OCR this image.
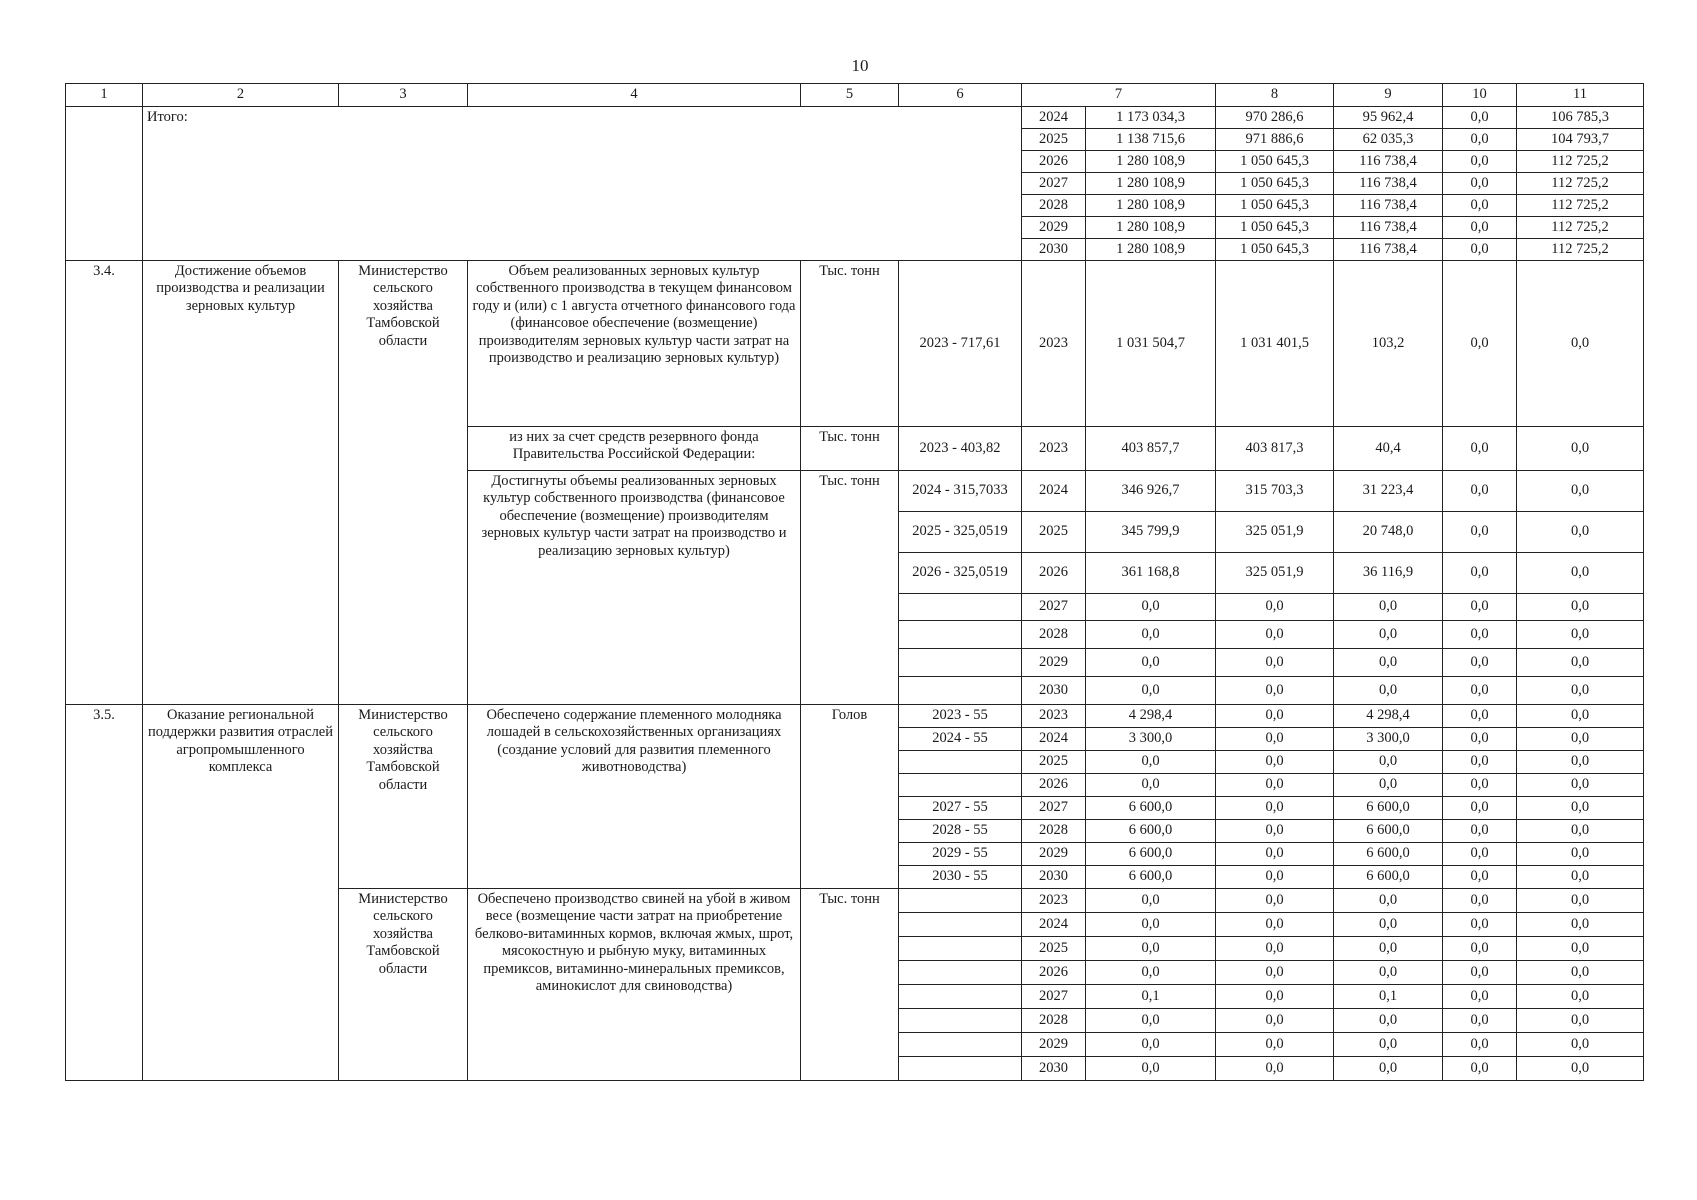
10
1	2	3	4	5	6	7		8	9	10	11
	Итого:					2024	1 173 034,3	970 286,6	95 962,4	0,0	106 785,3
						2025	1 138 715,6	971 886,6	62 035,3	0,0	104 793,7
						2026	1 280 108,9	1 050 645,3	116 738,4	0,0	112 725,2
						2027	1 280 108,9	1 050 645,3	116 738,4	0,0	112 725,2
						2028	1 280 108,9	1 050 645,3	116 738,4	0,0	112 725,2
						2029	1 280 108,9	1 050 645,3	116 738,4	0,0	112 725,2
						2030	1 280 108,9	1 050 645,3	116 738,4	0,0	112 725,2
3.4.	Достижение объемов производства и реализации зерновых культур	Министерство сельского хозяйства Тамбовской области	Объем реализованных зерновых культур собственного производства в текущем финансовом году и (или) с 1 августа отчетного финансового года (финансовое обеспечение (возмещение) производителям зерновых культур части затрат на производство и реализацию зерновых культур)	Тыс. тонн	2023 - 717,61	2023	1 031 504,7	1 031 401,5	103,2	0,0	0,0
			из них за счет средств резервного фонда Правительства Российской Федерации:	Тыс. тонн	2023 - 403,82	2023	403 857,7	403 817,3	40,4	0,0	0,0
			Достигнуты объемы реализованных зерновых культур собственного производства (финансовое обеспечение (возмещение) производителям зерновых культур части затрат на производство и реализацию зерновых культур)	Тыс. тонн	2024 - 315,7033	2024	346 926,7	315 703,3	31 223,4	0,0	0,0
					2025 - 325,0519	2025	345 799,9	325 051,9	20 748,0	0,0	0,0
					2026 - 325,0519	2026	361 168,8	325 051,9	36 116,9	0,0	0,0
						2027	0,0	0,0	0,0	0,0	0,0
						2028	0,0	0,0	0,0	0,0	0,0
						2029	0,0	0,0	0,0	0,0	0,0
						2030	0,0	0,0	0,0	0,0	0,0
3.5.	Оказание региональной поддержки развития отраслей агропромышленного комплекса	Министерство сельского хозяйства Тамбовской области	Обеспечено содержание племенного молодняка лошадей в сельскохозяйственных организациях (создание условий для развития племенного животноводства)	Голов	2023 - 55	2023	4 298,4	0,0	4 298,4	0,0	0,0
					2024 - 55	2024	3 300,0	0,0	3 300,0	0,0	0,0
						2025	0,0	0,0	0,0	0,0	0,0
						2026	0,0	0,0	0,0	0,0	0,0
					2027 - 55	2027	6 600,0	0,0	6 600,0	0,0	0,0
					2028 - 55	2028	6 600,0	0,0	6 600,0	0,0	0,0
					2029 - 55	2029	6 600,0	0,0	6 600,0	0,0	0,0
					2030 - 55	2030	6 600,0	0,0	6 600,0	0,0	0,0
		Министерство сельского хозяйства Тамбовской области	Обеспечено производство свиней на убой в живом весе (возмещение части затрат на приобретение белково-витаминных кормов, включая жмых, шрот, мясокостную и рыбную муку, витаминных премиксов, витаминно-минеральных премиксов, аминокислот для свиноводства)	Тыс. тонн		2023	0,0	0,0	0,0	0,0	0,0
						2024	0,0	0,0	0,0	0,0	0,0
						2025	0,0	0,0	0,0	0,0	0,0
						2026	0,0	0,0	0,0	0,0	0,0
						2027	0,1	0,0	0,1	0,0	0,0
						2028	0,0	0,0	0,0	0,0	0,0
						2029	0,0	0,0	0,0	0,0	0,0
						2030	0,0	0,0	0,0	0,0	0,0
